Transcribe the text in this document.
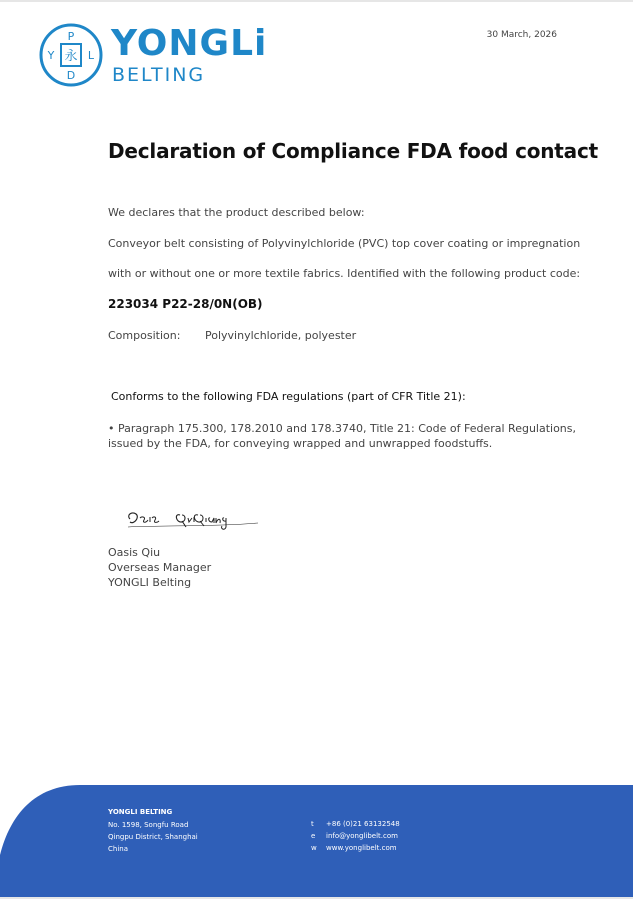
P
Y	L
D
永 YONGLi
BELTING
30 March, 2026
Declaration of Compliance FDA food contact
We declares that the product described below:
Conveyor belt consisting of Polyvinylchloride (PVC) top cover coating or impregnation
with or without one or more textile fabrics. Identified with the following product code:
223034 P22-28/0N(OB)
Composition: Polyvinylchloride, polyester
Conforms to the following FDA regulations (part of CFR Title 21):
• Paragraph 175.300, 178.2010 and 178.3740, Title 21: Code of Federal Regulations, issued by the FDA, for conveying wrapped and unwrapped foodstuffs.
Oasis Qiu
Overseas Manager
YONGLI Belting
YONGLI BELTING
No. 1598, Songfu Road
Qingpu District, Shanghai
China
t +86 (0)21 63132548
e info@yonglibelt.com
w www.yonglibelt.com
